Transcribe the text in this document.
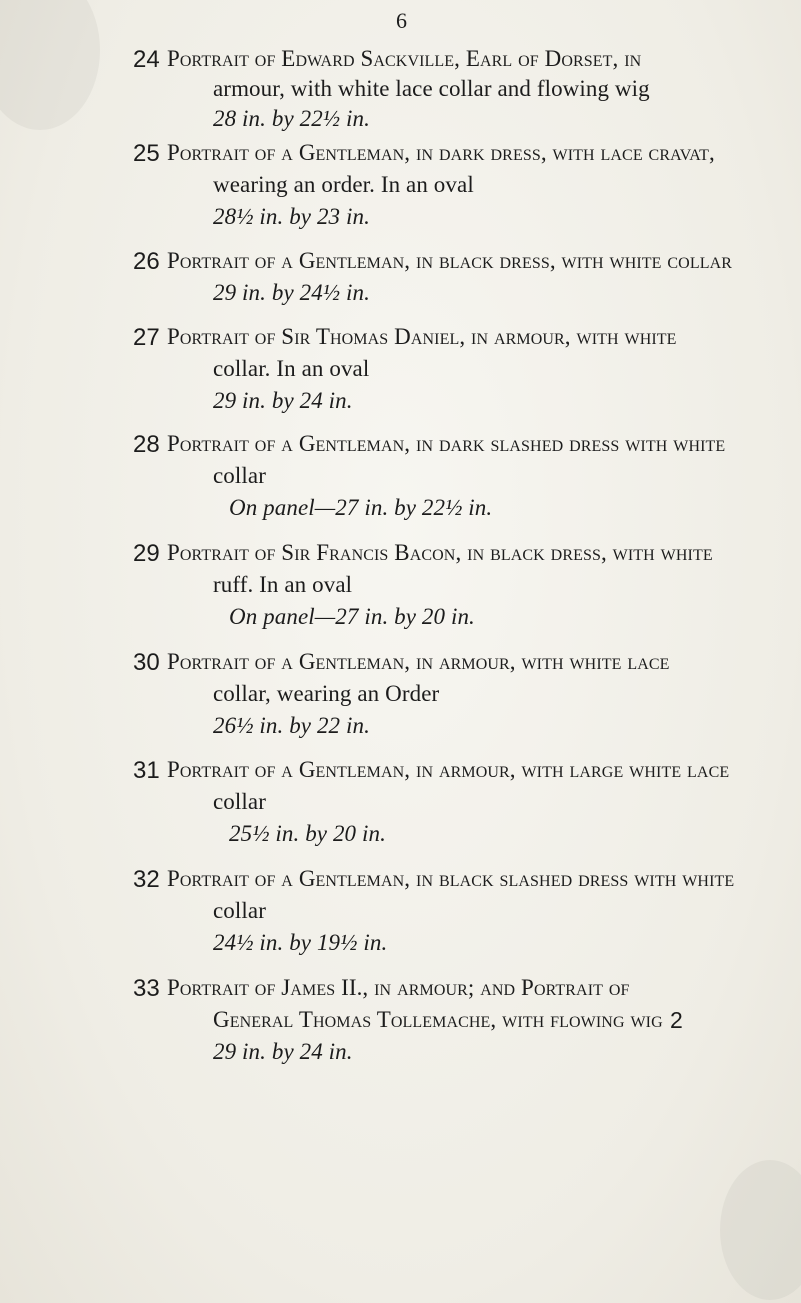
6
24 Portrait of Edward Sackville, Earl of Dorset, in
armour, with white lace collar and flowing wig
28 in. by 22½ in.
25 Portrait of a Gentleman, in dark dress, with lace cravat,
wearing an order. In an oval
28½ in. by 23 in.
26 Portrait of a Gentleman, in black dress, with white collar
29 in. by 24½ in.
27 Portrait of Sir Thomas Daniel, in armour, with white
collar. In an oval
29 in. by 24 in.
28 Portrait of a Gentleman, in dark slashed dress with white
collar
On panel—27 in. by 22½ in.
29 Portrait of Sir Francis Bacon, in black dress, with white
ruff. In an oval
On panel—27 in. by 20 in.
30 Portrait of a Gentleman, in armour, with white lace
collar, wearing an Order
26½ in. by 22 in.
31 Portrait of a Gentleman, in armour, with large white lace
collar
25½ in. by 20 in.
32 Portrait of a Gentleman, in black slashed dress with white
collar
24½ in. by 19½ in.
33 Portrait of James II., in armour; and Portrait of
General Thomas Tollemache, with flowing wig 2
29 in. by 24 in.
